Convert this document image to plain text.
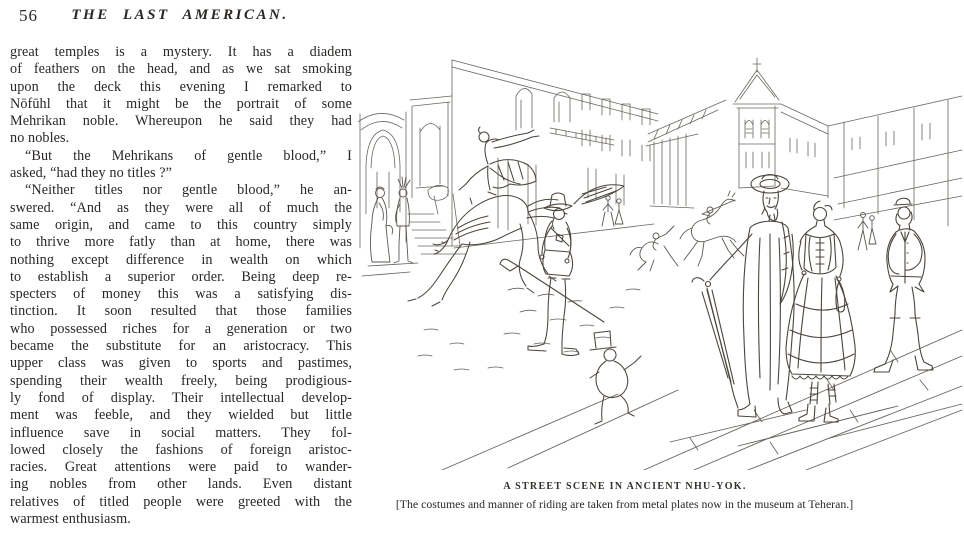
56	THE LAST AMERICAN.
great temples is a mystery. It has a diadem
of feathers on the head, and as we sat smoking
upon the deck this evening I remarked to
Nōfūhl that it might be the portrait of some
Mehrikan noble. Whereupon he said they had
no nobles.
“But the Mehrikans of gentle blood,” I
asked, “had they no titles ?”
“Neither titles nor gentle blood,” he an-
swered. “And as they were all of much the
same origin, and came to this country simply
to thrive more fatly than at home, there was
nothing except difference in wealth on which
to establish a superior order. Being deep re-
specters of money this was a satisfying dis-
tinction. It soon resulted that those families
who possessed riches for a generation or two
became the substitute for an aristocracy. This
upper class was given to sports and pastimes,
spending their wealth freely, being prodigious-
ly fond of display. Their intellectual develop-
ment was feeble, and they wielded but little
influence save in social matters. They fol-
lowed closely the fashions of foreign aristoc-
racies. Great attentions were paid to wander-
ing nobles from other lands. Even distant
relatives of titled people were greeted with the
warmest enthusiasm.
A STREET SCENE IN ANCIENT NHU-YOK.
[The costumes and manner of riding are taken from metal plates now in the museum at Teheran.]
